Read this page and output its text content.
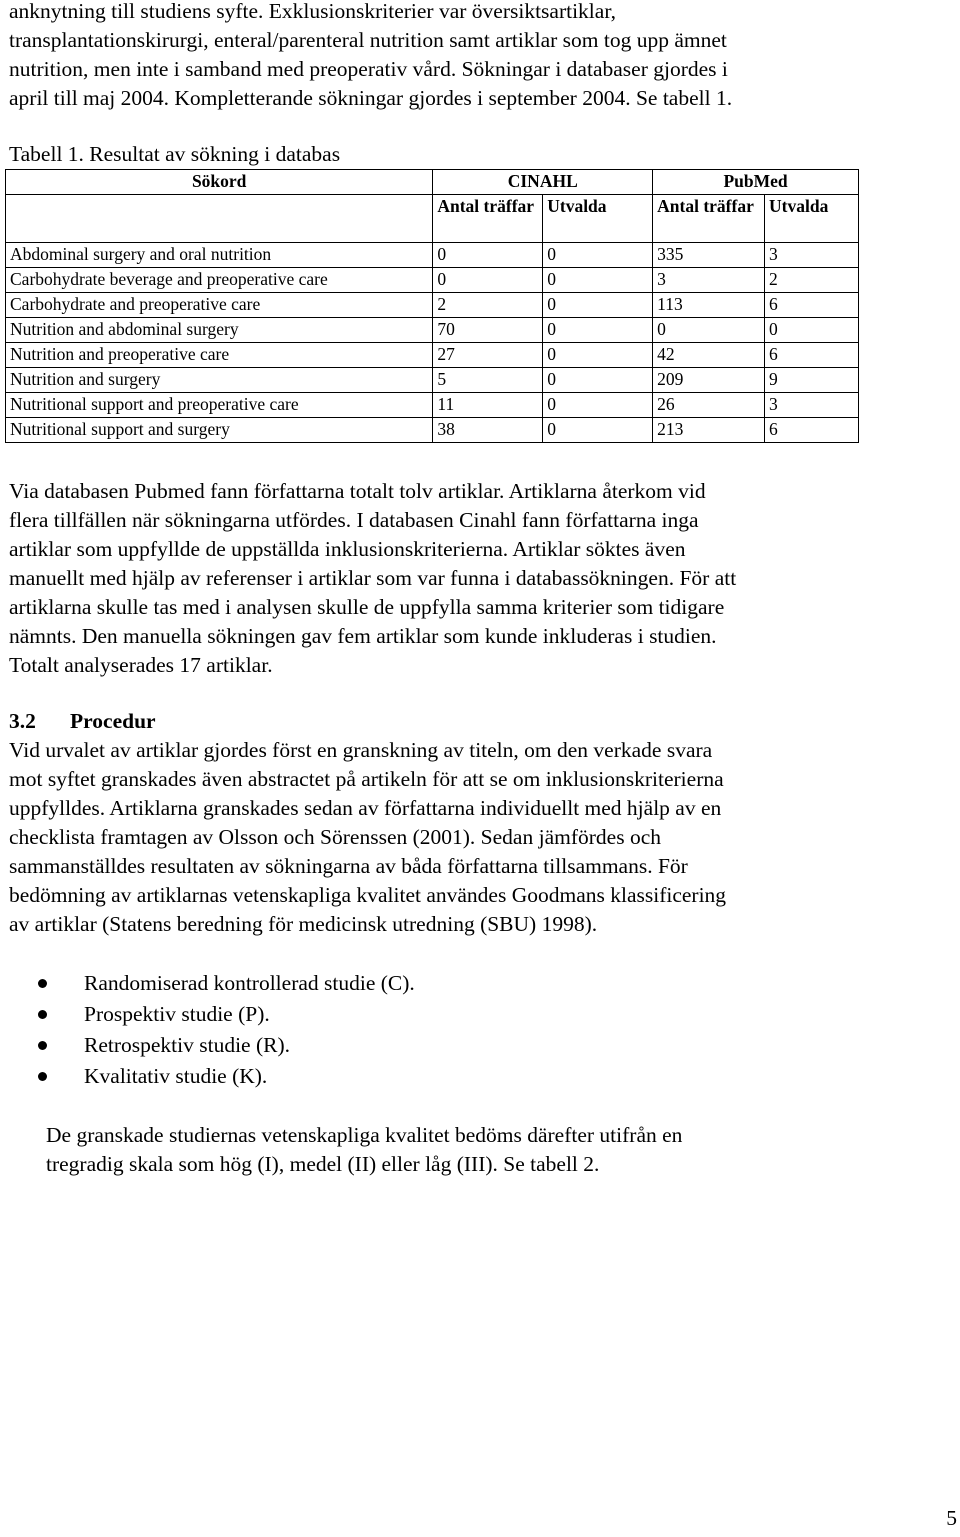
anknytning till studiens syfte. Exklusionskriterier var översiktsartiklar,
transplantationskirurgi, enteral/parenteral nutrition samt artiklar som tog upp ämnet
nutrition, men inte i samband med preoperativ vård. Sökningar i databaser gjordes i
april till maj 2004. Kompletterande sökningar gjordes i september 2004. Se tabell 1.

Tabell 1. Resultat av sökning i databas

Sökord	CINAHL		PubMed	
	Antal träffar	Utvalda	Antal träffar	Utvalda
Abdominal surgery and oral nutrition	0	0	335	3
Carbohydrate beverage and preoperative care	0	0	3	2
Carbohydrate and preoperative care	2	0	113	6
Nutrition and abdominal surgery	70	0	0	0
Nutrition and preoperative care	27	0	42	6
Nutrition and surgery	5	0	209	9
Nutritional support and preoperative care	11	0	26	3
Nutritional support and surgery	38	0	213	6

Via databasen Pubmed fann författarna totalt tolv artiklar. Artiklarna återkom vid
flera tillfällen när sökningarna utfördes. I databasen Cinahl fann författarna inga
artiklar som uppfyllde de uppställda inklusionskriterierna. Artiklar söktes även
manuellt med hjälp av referenser i artiklar som var funna i databassökningen. För att
artiklarna skulle tas med i analysen skulle de uppfylla samma kriterier som tidigare
nämnts. Den manuella sökningen gav fem artiklar som kunde inkluderas i studien.
Totalt analyserades 17 artiklar.

3.2 Procedur

Vid urvalet av artiklar gjordes först en granskning av titeln, om den verkade svara
mot syftet granskades även abstractet på artikeln för att se om inklusionskriterierna
uppfylldes. Artiklarna granskades sedan av författarna individuellt med hjälp av en
checklista framtagen av Olsson och Sörenssen (2001). Sedan jämfördes och
sammanställdes resultaten av sökningarna av båda författarna tillsammans. För
bedömning av artiklarnas vetenskapliga kvalitet användes Goodmans klassificering
av artiklar (Statens beredning för medicinsk utredning (SBU) 1998).

Randomiserad kontrollerad studie (C).
Prospektiv studie (P).
Retrospektiv studie (R).
Kvalitativ studie (K).

De granskade studiernas vetenskapliga kvalitet bedöms därefter utifrån en
tregradig skala som hög (I), medel (II) eller låg (III). Se tabell 2.

5
